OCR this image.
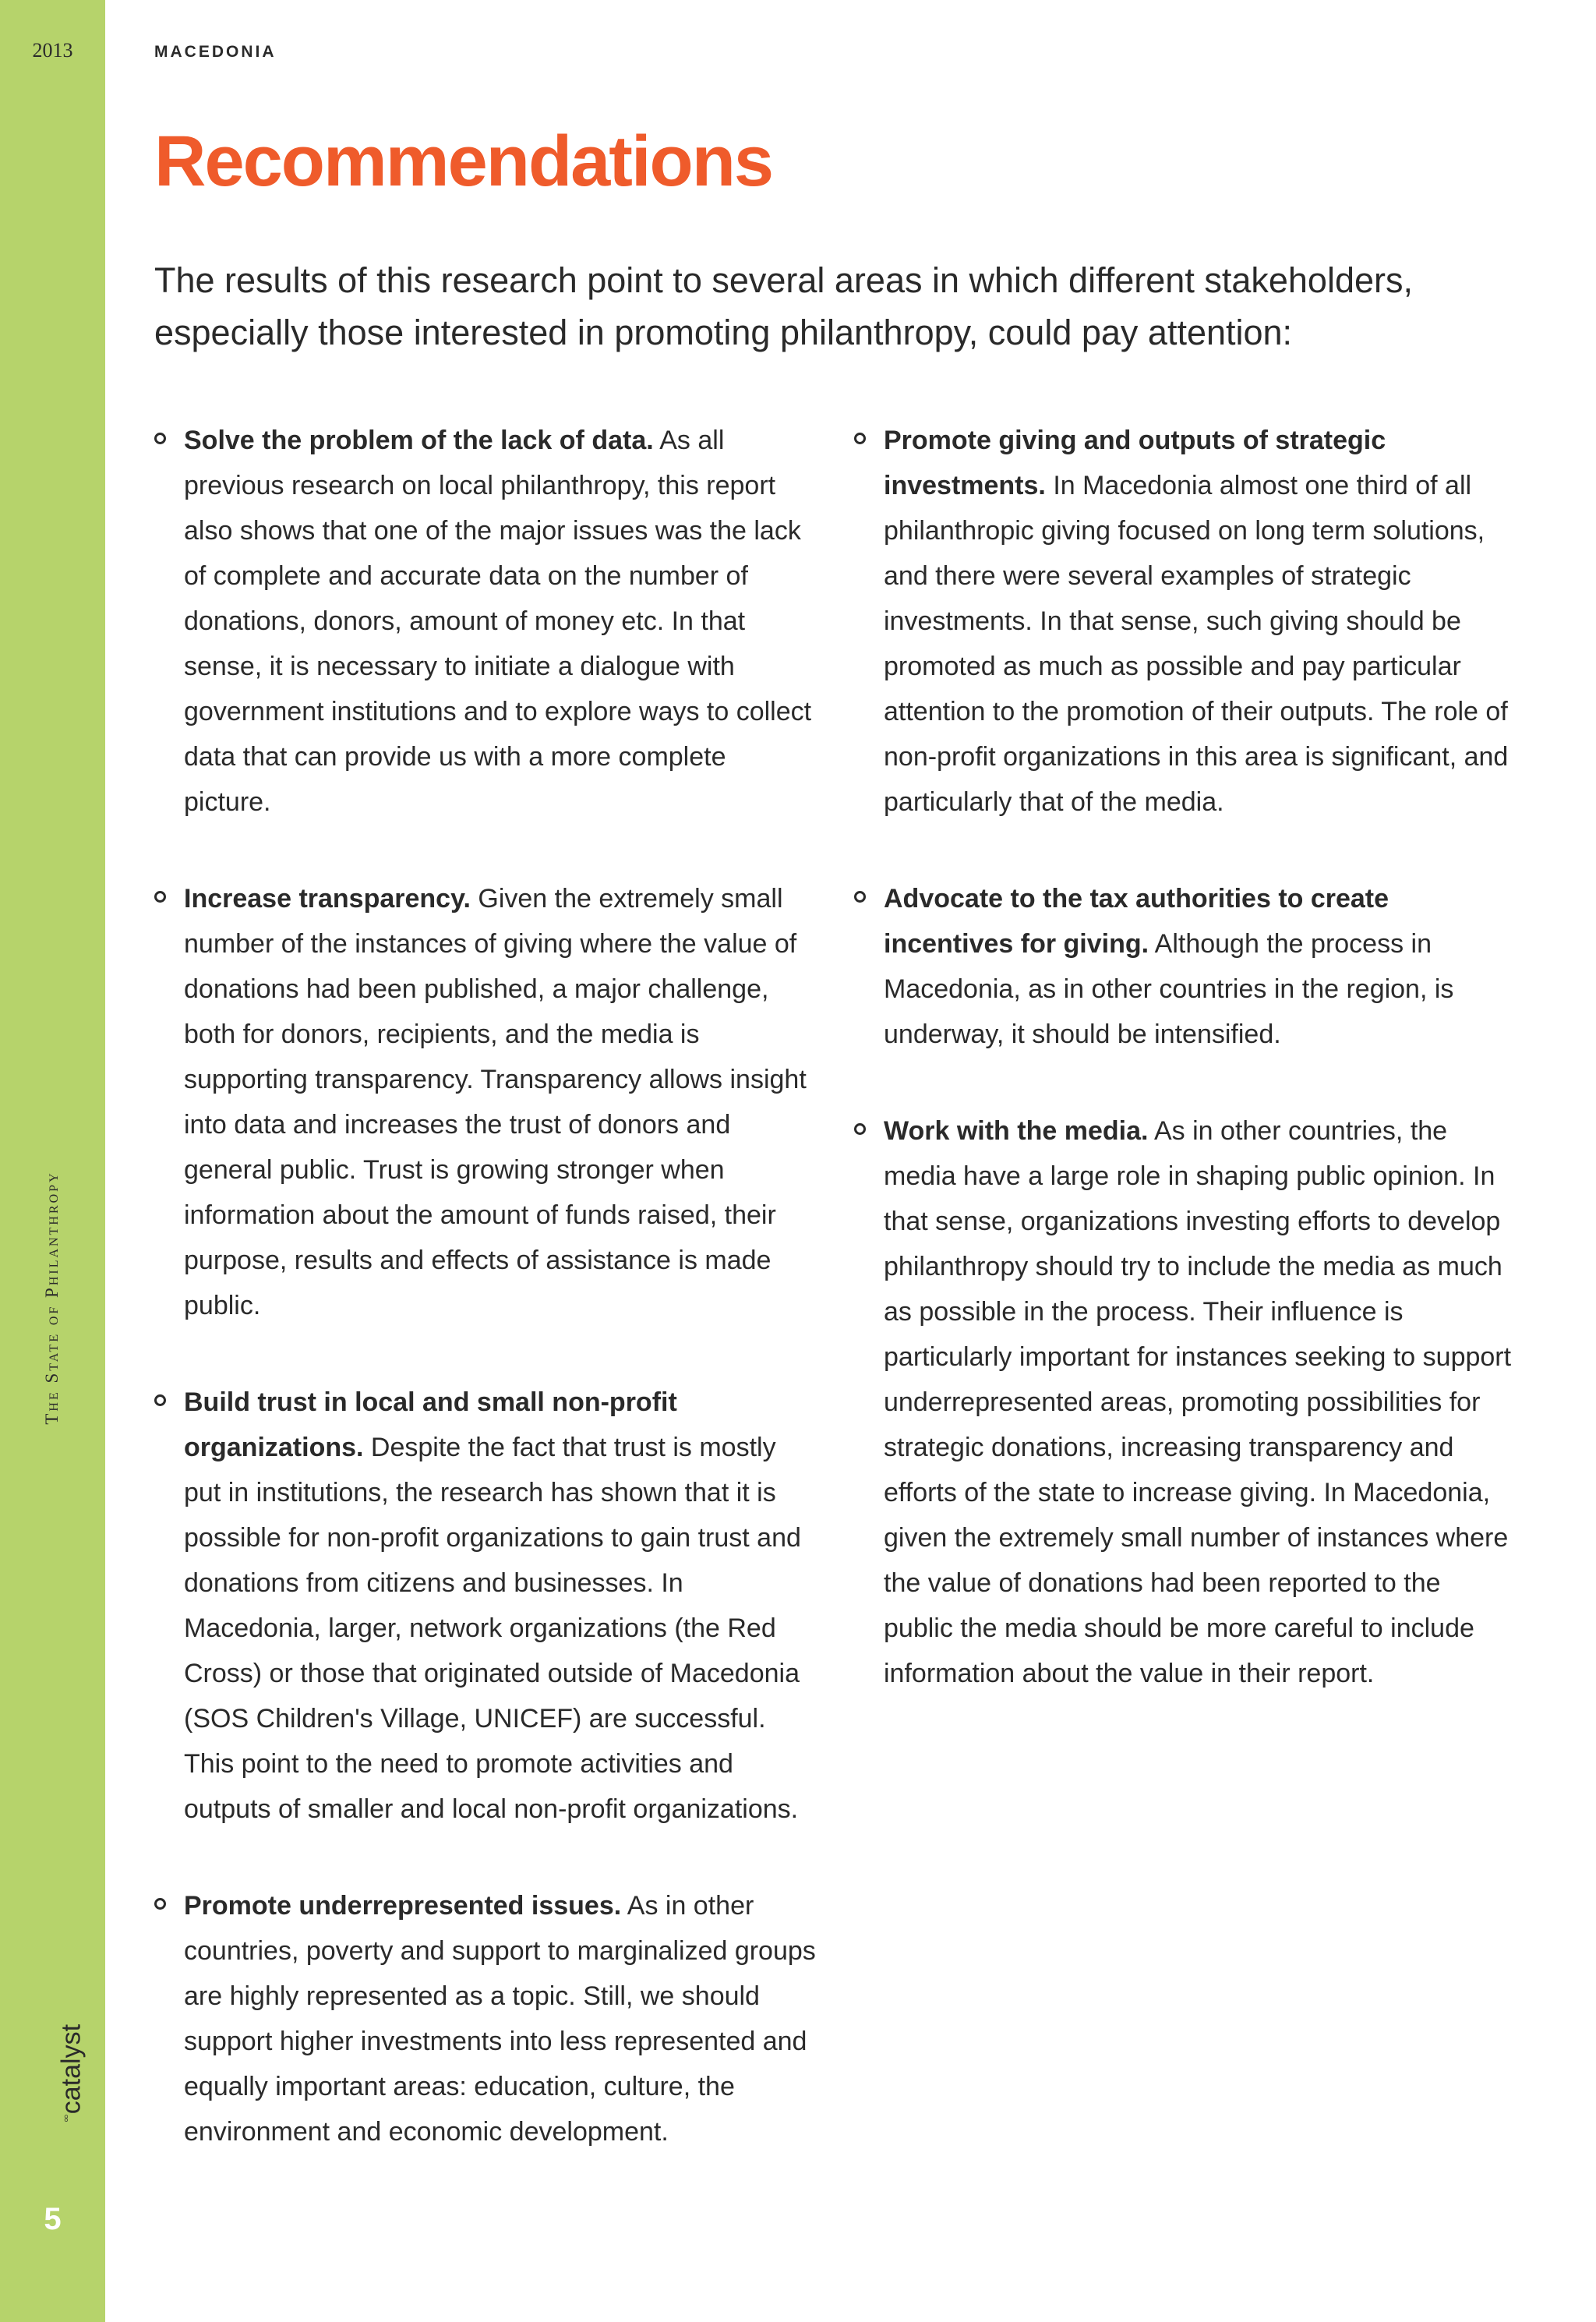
2013
The State of Philanthropy
◦◦catalyst
5
MACEDONIA
Recommendations

The results of this research point to several areas in which different stakeholders, especially those interested in promoting philanthropy, could pay attention:

Solve the problem of the lack of data. As all previous research on local philanthropy, this report also shows that one of the major issues was the lack of complete and accurate data on the number of donations, donors, amount of money etc. In that sense, it is necessary to initiate a dialogue with government institutions and to explore ways to collect data that can provide us with a more complete picture.
Increase transparency. Given the extremely small number of the instances of giving where the value of donations had been published, a major challenge, both for donors, recipients, and the media is supporting transparency. Transparency allows insight into data and increases the trust of donors and general public. Trust is growing stronger when information about the amount of funds raised, their purpose, results and effects of assistance is made public.
Build trust in local and small non-profit organizations. Despite the fact that trust is mostly put in institutions, the research has shown that it is possible for non-profit organizations to gain trust and donations from citizens and businesses. In Macedonia, larger, network organizations (the Red Cross) or those that originated outside of Macedonia (SOS Children's Village, UNICEF) are successful. This point to the need to promote activities and outputs of smaller and local non-profit organizations.
Promote underrepresented issues. As in other countries, poverty and support to marginalized groups are highly represented as a topic. Still, we should support higher investments into less represented and equally important areas: education, culture, the environment and economic development.
Promote giving and outputs of strategic investments. In Macedonia almost one third of all philanthropic giving focused on long term solutions, and there were several examples of strategic investments. In that sense, such giving should be promoted as much as possible and pay particular attention to the promotion of their outputs. The role of non-profit organizations in this area is significant, and particularly that of the media.
Advocate to the tax authorities to create incentives for giving. Although the process in Macedonia, as in other countries in the region, is underway, it should be intensified.
Work with the media. As in other countries, the media have a large role in shaping public opinion. In that sense, organizations investing efforts to develop philanthropy should try to include the media as much as possible in the process. Their influence is particularly important for instances seeking to support underrepresented areas, promoting possibilities for strategic donations, increasing transparency and efforts of the state to increase giving. In Macedonia, given the extremely small number of instances where the value of donations had been reported to the public the media should be more careful to include information about the value in their report.
